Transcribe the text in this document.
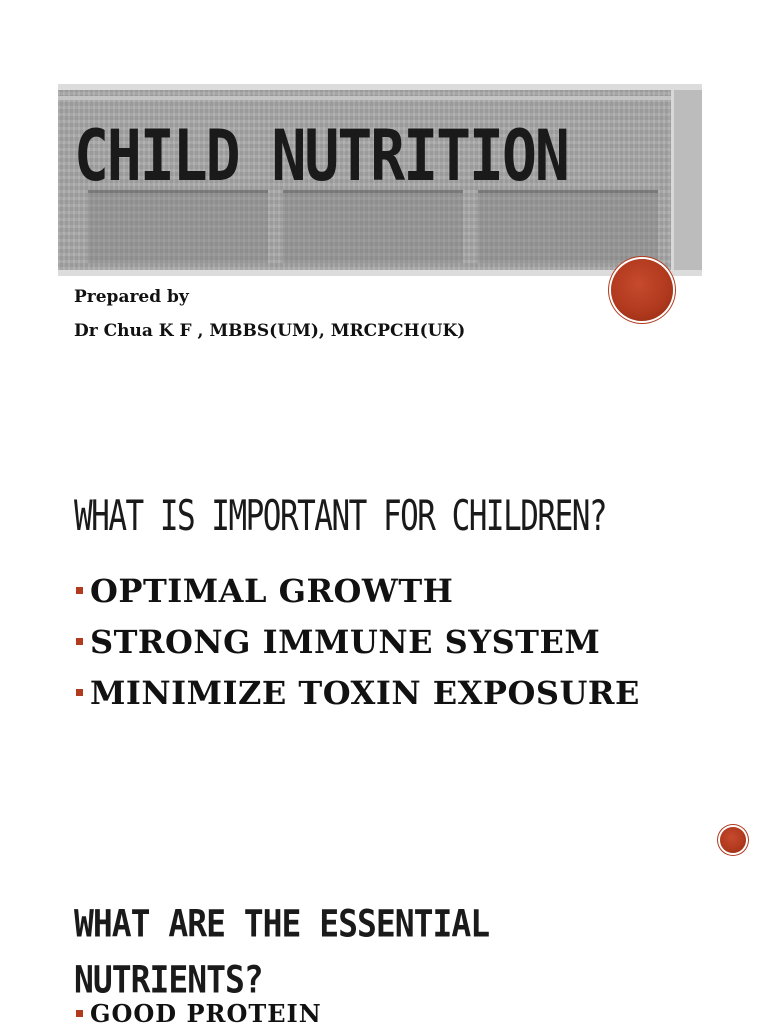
CHILD NUTRITION
Prepared by
Dr Chua K F , MBBS(UM), MRCPCH(UK)
WHAT IS IMPORTANT FOR CHILDREN?
OPTIMAL GROWTH
STRONG IMMUNE SYSTEM
MINIMIZE TOXIN EXPOSURE
WHAT ARE THE ESSENTIAL NUTRIENTS?
GOOD PROTEIN
